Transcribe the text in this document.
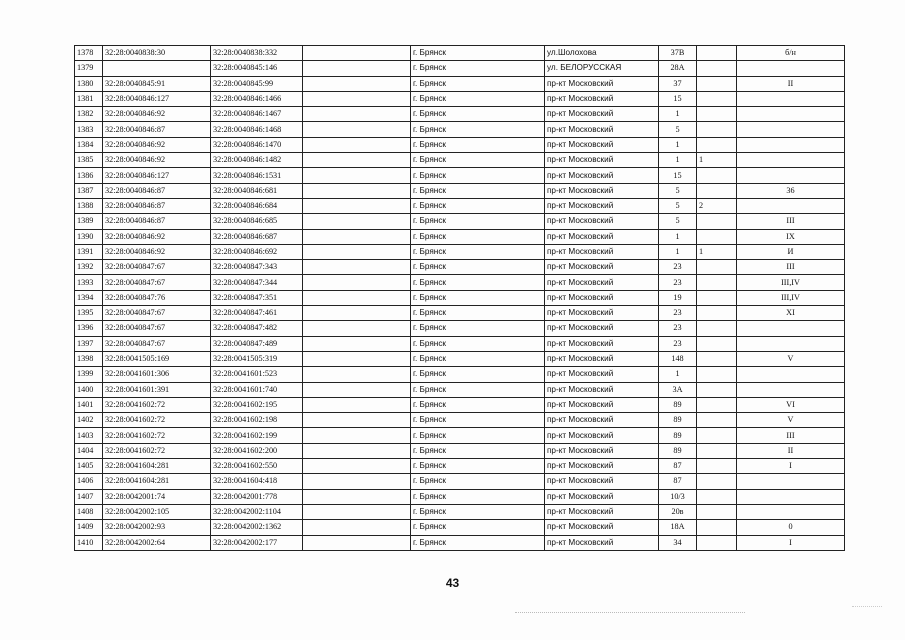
1378	32:28:0040838:30	32:28:0040838:332		г. Брянск	ул.Шолохова	37В		б/н
1379		32:28:0040845:146		г. Брянск	ул. БЕЛОРУССКАЯ	28А		
1380	32:28:0040845:91	32:28:0040845:99		г. Брянск	пр-кт Московский	37		II
1381	32:28:0040846:127	32:28:0040846:1466		г. Брянск	пр-кт Московский	15		
1382	32:28:0040846:92	32:28:0040846:1467		г. Брянск	пр-кт Московский	1		
1383	32:28:0040846:87	32:28:0040846:1468		г. Брянск	пр-кт Московский	5		
1384	32:28:0040846:92	32:28:0040846:1470		г. Брянск	пр-кт Московский	1		
1385	32:28:0040846:92	32:28:0040846:1482		г. Брянск	пр-кт Московский	1	1	
1386	32:28:0040846:127	32:28:0040846:1531		г. Брянск	пр-кт Московский	15		
1387	32:28:0040846:87	32:28:0040846:681		г. Брянск	пр-кт Московский	5		36
1388	32:28:0040846:87	32:28:0040846:684		г. Брянск	пр-кт Московский	5	2	
1389	32:28:0040846:87	32:28:0040846:685		г. Брянск	пр-кт Московский	5		III
1390	32:28:0040846:92	32:28:0040846:687		г. Брянск	пр-кт Московский	1		IX
1391	32:28:0040846:92	32:28:0040846:692		г. Брянск	пр-кт Московский	1	1	И
1392	32:28:0040847:67	32:28:0040847:343		г. Брянск	пр-кт Московский	23		III
1393	32:28:0040847:67	32:28:0040847:344		г. Брянск	пр-кт Московский	23		III,IV
1394	32:28:0040847:76	32:28:0040847:351		г. Брянск	пр-кт Московский	19		III,IV
1395	32:28:0040847:67	32:28:0040847:461		г. Брянск	пр-кт Московский	23		XI
1396	32:28:0040847:67	32:28:0040847:482		г. Брянск	пр-кт Московский	23		
1397	32:28:0040847:67	32:28:0040847:489		г. Брянск	пр-кт Московский	23		
1398	32:28:0041505:169	32:28:0041505:319		г. Брянск	пр-кт Московский	148		V
1399	32:28:0041601:306	32:28:0041601:523		г. Брянск	пр-кт Московский	1		
1400	32:28:0041601:391	32:28:0041601:740		г. Брянск	пр-кт Московский	3А		
1401	32:28:0041602:72	32:28:0041602:195		г. Брянск	пр-кт Московский	89		VI
1402	32:28:0041602:72	32:28:0041602:198		г. Брянск	пр-кт Московский	89		V
1403	32:28:0041602:72	32:28:0041602:199		г. Брянск	пр-кт Московский	89		III
1404	32:28:0041602:72	32:28:0041602:200		г. Брянск	пр-кт Московский	89		II
1405	32:28:0041604:281	32:28:0041602:550		г. Брянск	пр-кт Московский	87		I
1406	32:28:0041604:281	32:28:0041604:418		г. Брянск	пр-кт Московский	87		
1407	32:28:0042001:74	32:28:0042001:778		г. Брянск	пр-кт Московский	10/3		
1408	32:28:0042002:105	32:28:0042002:1104		г. Брянск	пр-кт Московский	20в		
1409	32:28:0042002:93	32:28:0042002:1362		г. Брянск	пр-кт Московский	18А		0
1410	32:28:0042002:64	32:28:0042002:177		г. Брянск	пр-кт Московский	34		I
43
